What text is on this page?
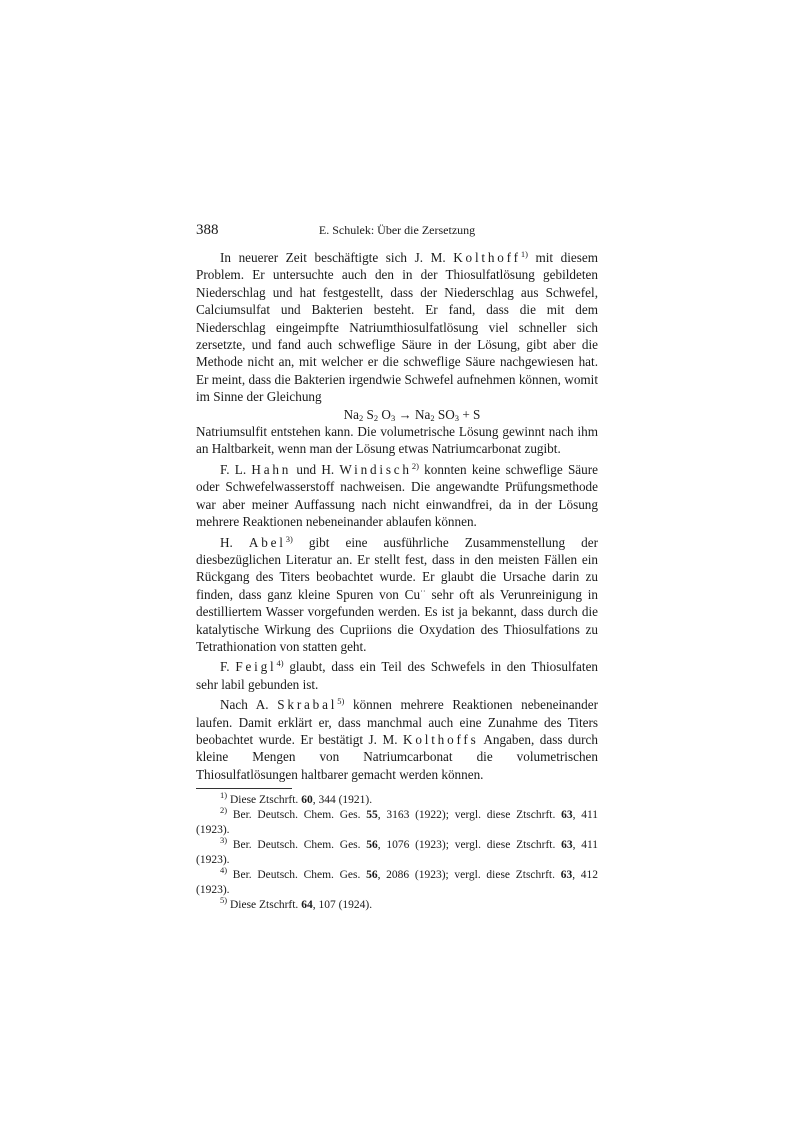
388	E. Schulek: Über die Zersetzung

In neuerer Zeit beschäftigte sich J. M. Kolthoff$^{1)}$ mit diesem Problem. Er untersuchte auch den in der Thiosulfatlösung gebildeten Niederschlag und hat festgestellt, dass der Niederschlag aus Schwefel, Calciumsulfat und Bakterien besteht. Er fand, dass die mit dem Niederschlag eingeimpfte Natriumthiosulfatlösung viel schneller sich zersetzte, und fand auch schweflige Säure in der Lösung, gibt aber die Methode nicht an, mit welcher er die schweflige Säure nachgewiesen hat. Er meint, dass die Bakterien irgendwie Schwefel aufnehmen können, womit im Sinne der Gleichung

$Na_2$ $S_2$ $O_3 \to Na_2$ $SO_3 + S$

Natriumsulfit entstehen kann. Die volumetrische Lösung gewinnt nach ihm an Haltbarkeit, wenn man der Lösung etwas Natriumcarbonat zugibt.

F. L. Hahn und H. Windisch$^{2)}$ konnten keine schweflige Säure oder Schwefelwasserstoff nachweisen. Die angewandte Prüfungsmethode war aber meiner Auffassung nach nicht einwandfrei, da in der Lösung mehrere Reaktionen nebeneinander ablaufen können.

H. Abel$^{3)}$ gibt eine ausführliche Zusammenstellung der diesbezüglichen Literatur an. Er stellt fest, dass in den meisten Fällen ein Rückgang des Titers beobachtet wurde. Er glaubt die Ursache darin zu finden, dass ganz kleine Spuren von Cu·· sehr oft als Verunreinigung in destilliertem Wasser vorgefunden werden. Es ist ja bekannt, dass durch die katalytische Wirkung des Cupriions die Oxydation des Thiosulfations zu Tetrathionation von statten geht.

F. Feigl$^{4)}$ glaubt, dass ein Teil des Schwefels in den Thiosulfaten sehr labil gebunden ist.

Nach A. Skrabal$^{5)}$ können mehrere Reaktionen nebeneinander laufen. Damit erklärt er, dass manchmal auch eine Zunahme des Titers beobachtet wurde. Er bestätigt J. M. Kolthoffs Angaben, dass durch kleine Mengen von Natriumcarbonat die volumetrischen Thiosulfatlösungen haltbarer gemacht werden können.

$^{1)}$ Diese Ztschrft. 60, 344 (1921).

$^{2)}$ Ber. Deutsch. Chem. Ges. 55, 3163 (1922); vergl. diese Ztschrft. 63, 411 (1923).

$^{3)}$ Ber. Deutsch. Chem. Ges. 56, 1076 (1923); vergl. diese Ztschrft. 63, 411 (1923).

$^{4)}$ Ber. Deutsch. Chem. Ges. 56, 2086 (1923); vergl. diese Ztschrft. 63, 412 (1923).

$^{5)}$ Diese Ztschrft. 64, 107 (1924).
